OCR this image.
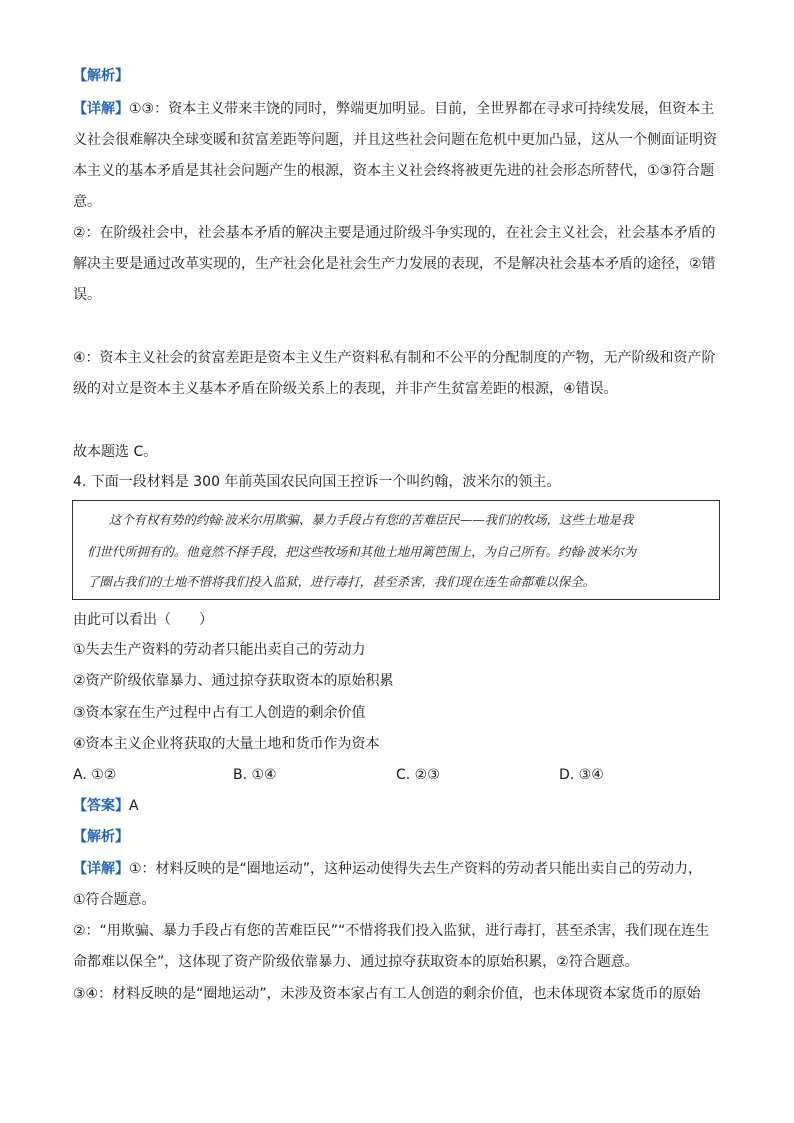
【解析】
【详解】①③：资本主义带来丰饶的同时，弊端更加明显。目前，全世界都在寻求可持续发展，但资本主
义社会很难解决全球变暖和贫富差距等问题，并且这些社会问题在危机中更加凸显，这从一个侧面证明资
本主义的基本矛盾是其社会问题产生的根源，资本主义社会终将被更先进的社会形态所替代，①③符合题
意。
②：在阶级社会中，社会基本矛盾的解决主要是通过阶级斗争实现的，在社会主义社会，社会基本矛盾的
解决主要是通过改革实现的，生产社会化是社会生产力发展的表现，不是解决社会基本矛盾的途径，②错
误。
④：资本主义社会的贫富差距是资本主义生产资料私有制和不公平的分配制度的产物，无产阶级和资产阶
级的对立是资本主义基本矛盾在阶级关系上的表现，并非产生贫富差距的根源，④错误。
故本题选 C。
4. 下面一段材料是 300 年前英国农民向国王控诉一个叫约翰，波米尔的领主。
这个有权有势的约翰·波米尔用欺骗、暴力手段占有您的苦难臣民——我们的牧场，这些土地是我
们世代所拥有的。他竟然不择手段，把这些牧场和其他土地用篱笆围上，为自己所有。约翰·波米尔为
了圈占我们的土地不惜将我们投入监狱，进行毒打，甚至杀害，我们现在连生命都难以保全。
由此可以看出（　　）
①失去生产资料的劳动者只能出卖自己的劳动力
②资产阶级依靠暴力、通过掠夺获取资本的原始积累
③资本家在生产过程中占有工人创造的剩余价值
④资本主义企业将获取的大量土地和货币作为资本
A. ①②	B. ①④	C. ②③	D. ③④
【答案】A
【解析】
【详解】①：材料反映的是“圈地运动”，这种运动使得失去生产资料的劳动者只能出卖自己的劳动力，
①符合题意。
②：“用欺骗、暴力手段占有您的苦难臣民”“不惜将我们投入监狱，进行毒打，甚至杀害，我们现在连生
命都难以保全”，这体现了资产阶级依靠暴力、通过掠夺获取资本的原始积累，②符合题意。
③④：材料反映的是“圈地运动”，未涉及资本家占有工人创造的剩余价值，也未体现资本家货币的原始
